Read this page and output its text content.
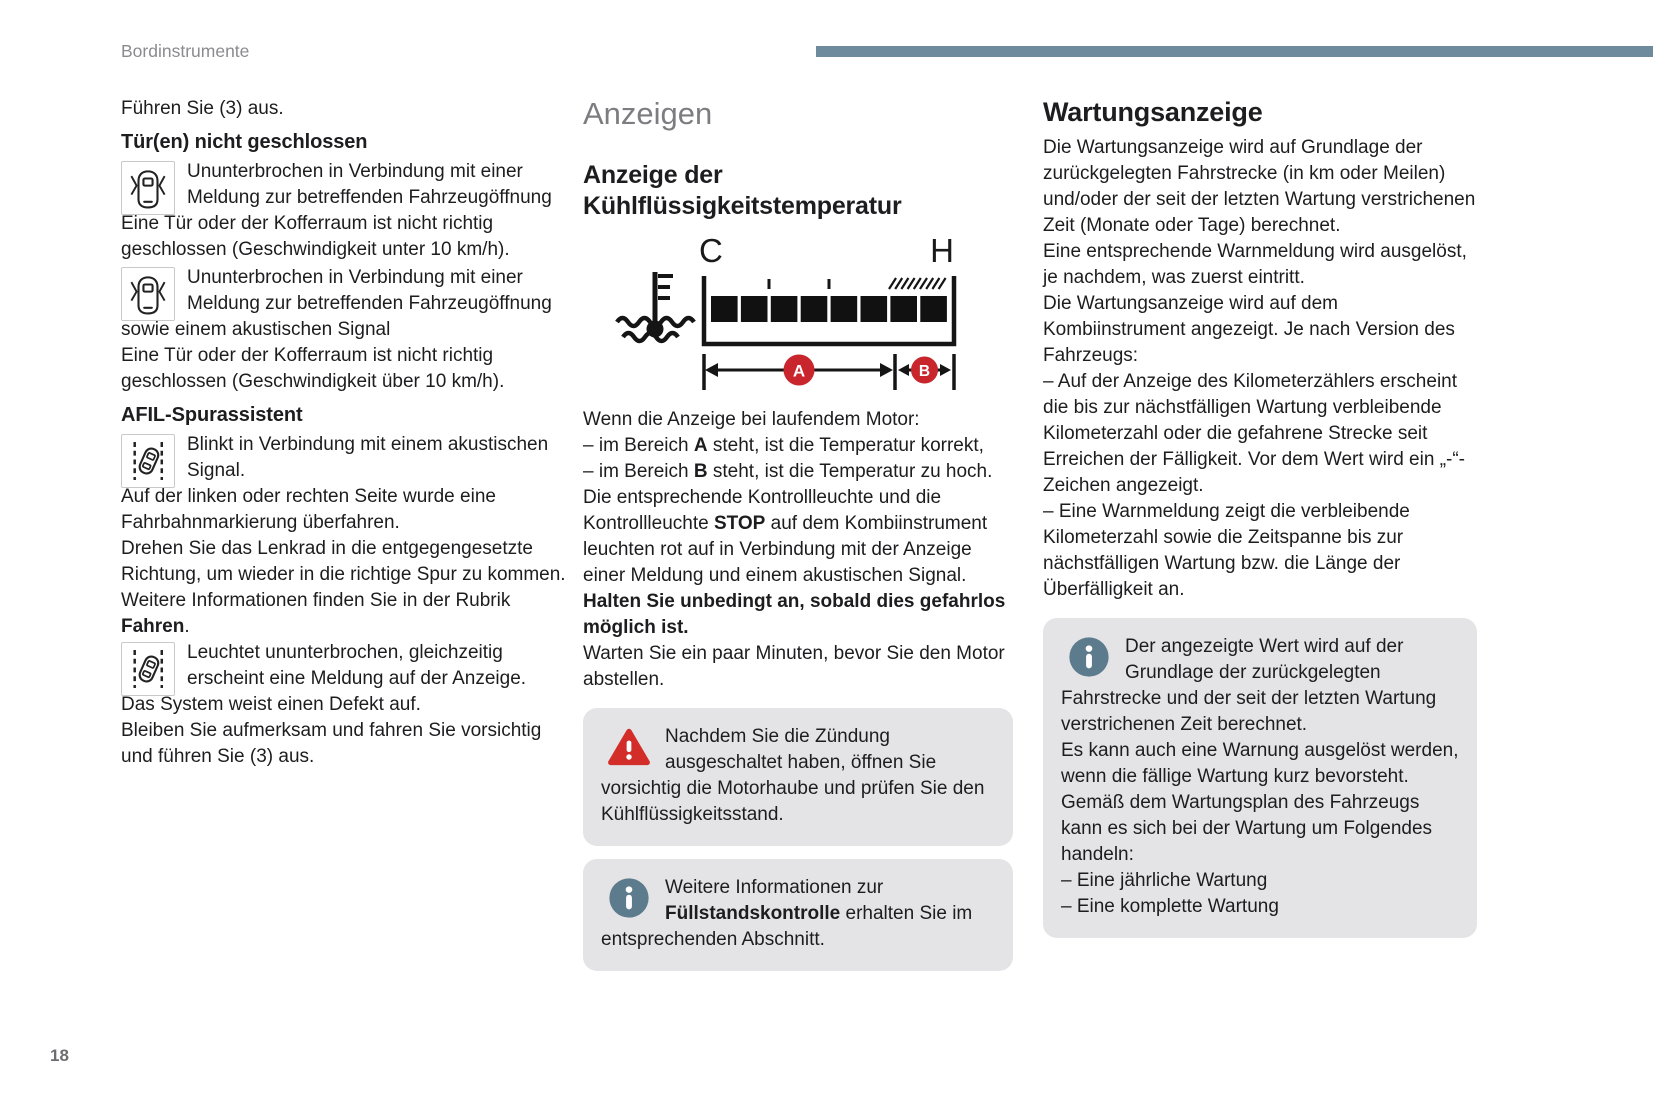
Bordinstrumente

Führen Sie (3) aus.

Tür(en) nicht geschlossen

Ununterbrochen in Verbindung mit einer Meldung zur betreffenden Fahrzeugöffnung

Eine Tür oder der Kofferraum ist nicht richtig geschlossen (Geschwindigkeit unter 10 km/h).

Ununterbrochen in Verbindung mit einer Meldung zur betreffenden Fahrzeugöffnung sowie einem akustischen Signal

Eine Tür oder der Kofferraum ist nicht richtig geschlossen (Geschwindigkeit über 10 km/h).

AFIL-Spurassistent

Blinkt in Verbindung mit einem akustischen Signal.

Auf der linken oder rechten Seite wurde eine Fahrbahnmarkierung überfahren.

Drehen Sie das Lenkrad in die entgegengesetzte Richtung, um wieder in die richtige Spur zu kommen.

Weitere Informationen finden Sie in der Rubrik Fahren.

Leuchtet ununterbrochen, gleichzeitig erscheint eine Meldung auf der Anzeige.

Das System weist einen Defekt auf.

Bleiben Sie aufmerksam und fahren Sie vorsichtig und führen Sie (3) aus.

Anzeigen
Anzeige der Kühlflüssigkeitstemperatur
C	H
A	B

Wenn die Anzeige bei laufendem Motor:

– im Bereich A steht, ist die Temperatur korrekt,

– im Bereich B steht, ist die Temperatur zu hoch.

Die entsprechende Kontrollleuchte und die Kontrollleuchte STOP auf dem Kombiinstrument leuchten rot auf in Verbindung mit der Anzeige einer Meldung und einem akustischen Signal.

Halten Sie unbedingt an, sobald dies gefahrlos möglich ist.

Warten Sie ein paar Minuten, bevor Sie den Motor abstellen.

Nachdem Sie die Zündung ausgeschaltet haben, öffnen Sie vorsichtig die Motorhaube und prüfen Sie den Kühlflüssigkeitsstand.
Weitere Informationen zur Füllstandskontrolle erhalten Sie im entsprechenden Abschnitt.
Wartungsanzeige

Die Wartungsanzeige wird auf Grundlage der zurückgelegten Fahrstrecke (in km oder Meilen) und/oder der seit der letzten Wartung verstrichenen Zeit (Monate oder Tage) berechnet.

Eine entsprechende Warnmeldung wird ausgelöst, je nachdem, was zuerst eintritt.

Die Wartungsanzeige wird auf dem Kombiinstrument angezeigt. Je nach Version des Fahrzeugs:

– Auf der Anzeige des Kilometerzählers erscheint die bis zur nächstfälligen Wartung verbleibende Kilometerzahl oder die gefahrene Strecke seit Erreichen der Fälligkeit. Vor dem Wert wird ein „-“-Zeichen angezeigt.

– Eine Warnmeldung zeigt die verbleibende Kilometerzahl sowie die Zeitspanne bis zur nächstfälligen Wartung bzw. die Länge der Überfälligkeit an.

Der angezeigte Wert wird auf der Grundlage der zurückgelegten Fahrstrecke und der seit der letzten Wartung verstrichenen Zeit berechnet.

Es kann auch eine Warnung ausgelöst werden, wenn die fällige Wartung kurz bevorsteht.

Gemäß dem Wartungsplan des Fahrzeugs kann es sich bei der Wartung um Folgendes handeln:

– Eine jährliche Wartung

– Eine komplette Wartung

18
